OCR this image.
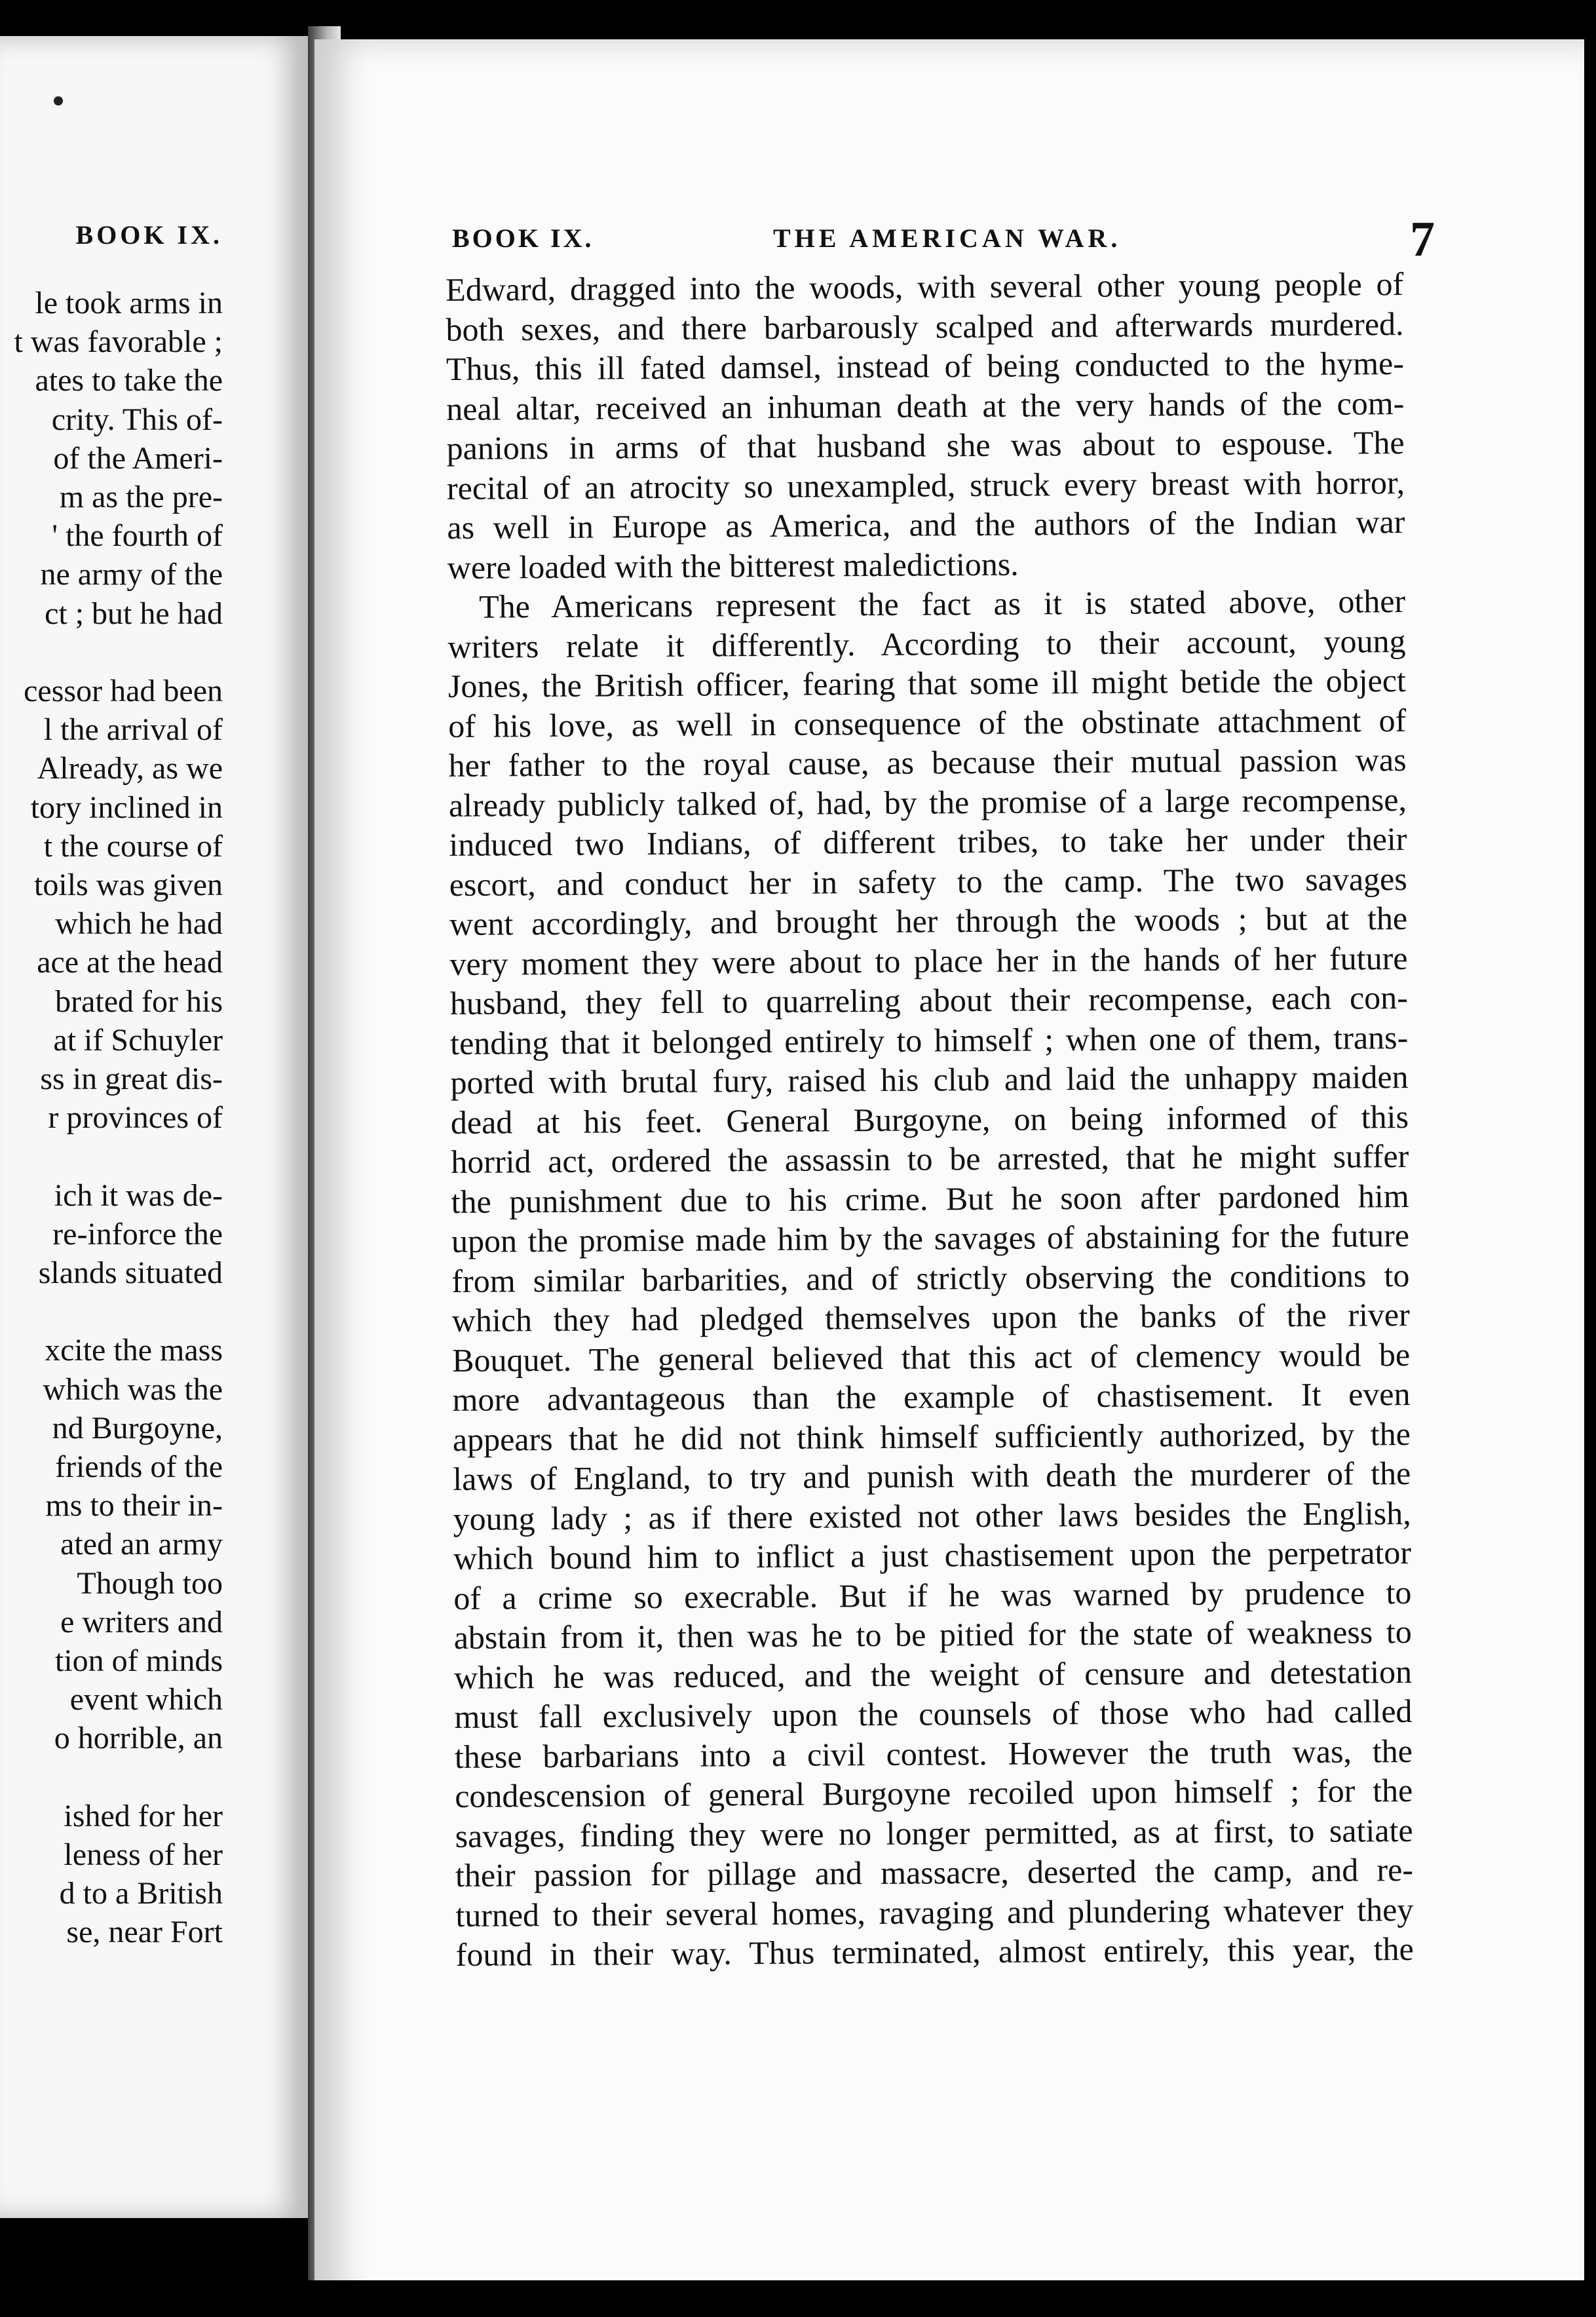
BOOK IX.
le took arms in
t was favorable ;
ates to take the
crity. This of-
of the Ameri-
m as the pre-
' the fourth of
ne army of the
ct ; but he had
cessor had been
l the arrival of
Already, as we
tory inclined in
t the course of
toils was given
which he had
ace at the head
brated for his
at if Schuyler
ss in great dis-
r provinces of
ich it was de-
re-inforce the
slands situated
xcite the mass
which was the
nd Burgoyne,
friends of the
ms to their in-
ated an army
Though too
e writers and
tion of minds
event which
o horrible, an
ished for her
leness of her
d to a British
se, near Fort
BOOK IX.	THE AMERICAN WAR.	7
Edward, dragged into the woods, with several other young people of
both sexes, and there barbarously scalped and afterwards murdered.
Thus, this ill fated damsel, instead of being conducted to the hyme-
neal altar, received an inhuman death at the very hands of the com-
panions in arms of that husband she was about to espouse. The
recital of an atrocity so unexampled, struck every breast with horror,
as well in Europe as America, and the authors of the Indian war
were loaded with the bitterest maledictions.
The Americans represent the fact as it is stated above, other
writers relate it differently. According to their account, young
Jones, the British officer, fearing that some ill might betide the object
of his love, as well in consequence of the obstinate attachment of
her father to the royal cause, as because their mutual passion was
already publicly talked of, had, by the promise of a large recompense,
induced two Indians, of different tribes, to take her under their
escort, and conduct her in safety to the camp. The two savages
went accordingly, and brought her through the woods ; but at the
very moment they were about to place her in the hands of her future
husband, they fell to quarreling about their recompense, each con-
tending that it belonged entirely to himself ; when one of them, trans-
ported with brutal fury, raised his club and laid the unhappy maiden
dead at his feet. General Burgoyne, on being informed of this
horrid act, ordered the assassin to be arrested, that he might suffer
the punishment due to his crime. But he soon after pardoned him
upon the promise made him by the savages of abstaining for the future
from similar barbarities, and of strictly observing the conditions to
which they had pledged themselves upon the banks of the river
Bouquet. The general believed that this act of clemency would be
more advantageous than the example of chastisement. It even
appears that he did not think himself sufficiently authorized, by the
laws of England, to try and punish with death the murderer of the
young lady ; as if there existed not other laws besides the English,
which bound him to inflict a just chastisement upon the perpetrator
of a crime so execrable. But if he was warned by prudence to
abstain from it, then was he to be pitied for the state of weakness to
which he was reduced, and the weight of censure and detestation
must fall exclusively upon the counsels of those who had called
these barbarians into a civil contest. However the truth was, the
condescension of general Burgoyne recoiled upon himself ; for the
savages, finding they were no longer permitted, as at first, to satiate
their passion for pillage and massacre, deserted the camp, and re-
turned to their several homes, ravaging and plundering whatever they
found in their way. Thus terminated, almost entirely, this year, the
